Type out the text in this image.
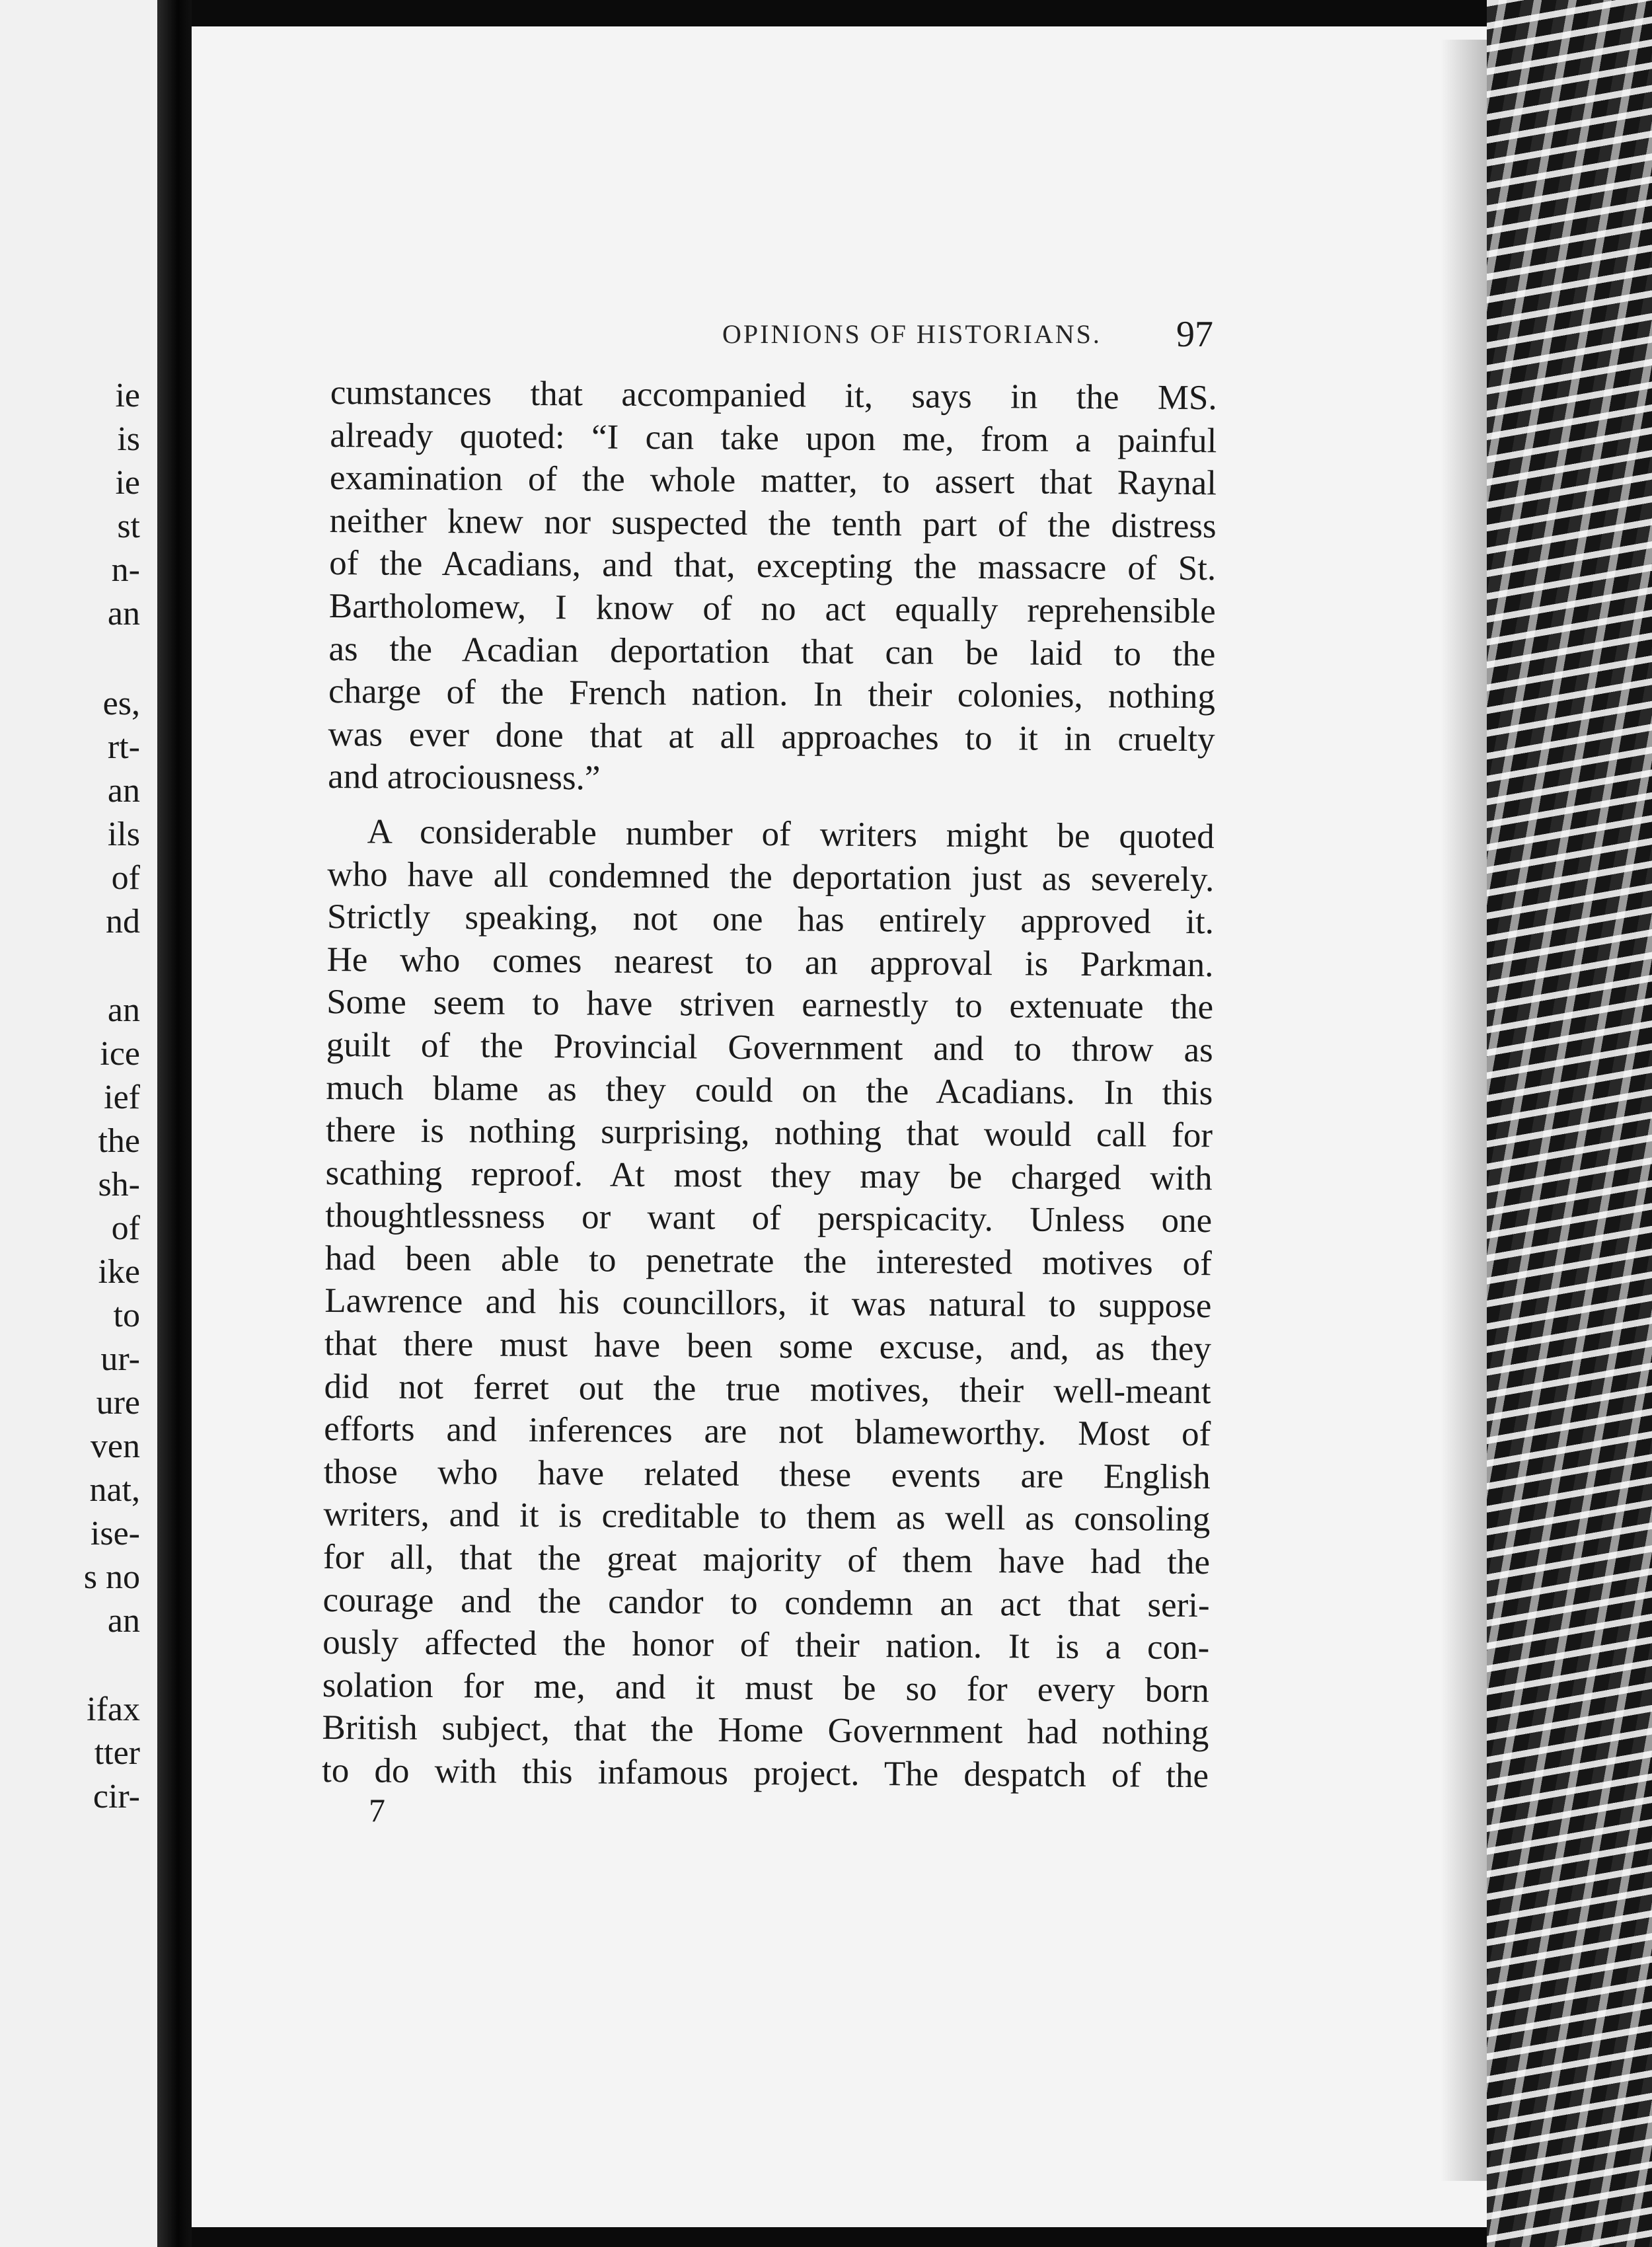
ie
is
ie
st
n-
an
es,
rt-
an
ils
of
nd
an
ice
ief
the
sh-
of
ike
to
ur-
ure
ven
nat,
ise-
s no
an
ifax
tter
cir-
OPINIONS OF HISTORIANS.	97
cumstances that accompanied it, says in the MS.
already quoted: “I can take upon me, from a painful
examination of the whole matter, to assert that Raynal
neither knew nor suspected the tenth part of the distress
of the Acadians, and that, excepting the massacre of St.
Bartholomew, I know of no act equally reprehensible
as the Acadian deportation that can be laid to the
charge of the French nation. In their colonies, nothing
was ever done that at all approaches to it in cruelty
and atrociousness.”
A considerable number of writers might be quoted
who have all condemned the deportation just as severely.
Strictly speaking, not one has entirely approved it.
He who comes nearest to an approval is Parkman.
Some seem to have striven earnestly to extenuate the
guilt of the Provincial Government and to throw as
much blame as they could on the Acadians. In this
there is nothing surprising, nothing that would call for
scathing reproof. At most they may be charged with
thoughtlessness or want of perspicacity. Unless one
had been able to penetrate the interested motives of
Lawrence and his councillors, it was natural to suppose
that there must have been some excuse, and, as they
did not ferret out the true motives, their well-meant
efforts and inferences are not blameworthy. Most of
those who have related these events are English
writers, and it is creditable to them as well as consoling
for all, that the great majority of them have had the
courage and the candor to condemn an act that seri-
ously affected the honor of their nation. It is a con-
solation for me, and it must be so for every born
British subject, that the Home Government had nothing
to do with this infamous project. The despatch of the
7
